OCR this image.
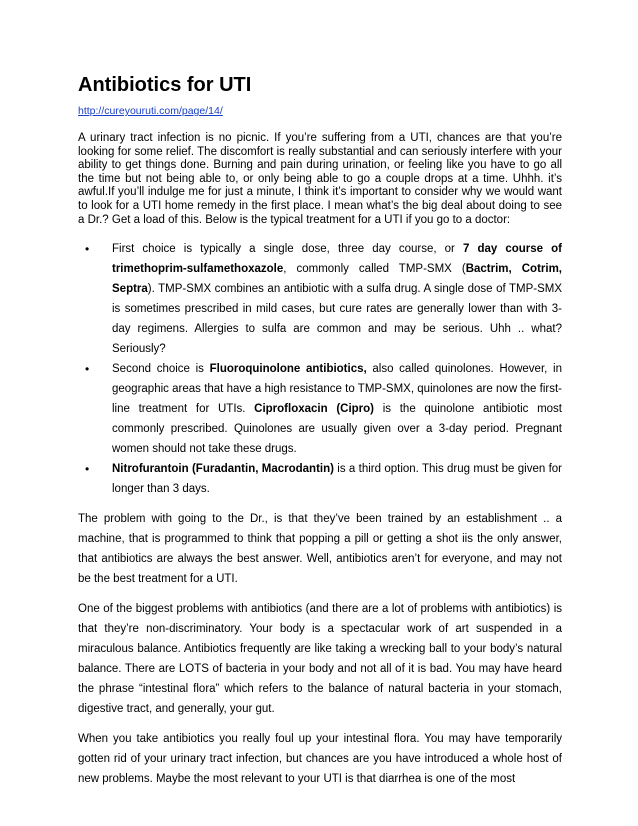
Antibiotics for UTI
http://cureyouruti.com/page/14/

A urinary tract infection is no picnic. If you’re suffering from a UTI, chances are that you’re looking for some relief. The discomfort is really substantial and can seriously interfere with your ability to get things done. Burning and pain during urination, or feeling like you have to go all the time but not being able to, or only being able to go a couple drops at a time. Uhhh. it’s awful.If you’ll indulge me for just a minute, I think it’s important to consider why we would want to look for a UTI home remedy in the first place. I mean what’s the big deal about doing to see a Dr.? Get a load of this. Below is the typical treatment for a UTI if you go to a doctor:

• First choice is typically a single dose, three day course, or 7 day course of trimethoprim-sulfamethoxazole, commonly called TMP-SMX (Bactrim, Cotrim, Septra). TMP-SMX combines an antibiotic with a sulfa drug. A single dose of TMP-SMX is sometimes prescribed in mild cases, but cure rates are generally lower than with 3-day regimens. Allergies to sulfa are common and may be serious. Uhh .. what? Seriously?
• Second choice is Fluoroquinolone antibiotics, also called quinolones. However, in geographic areas that have a high resistance to TMP-SMX, quinolones are now the first-line treatment for UTIs. Ciprofloxacin (Cipro) is the quinolone antibiotic most commonly prescribed. Quinolones are usually given over a 3-day period. Pregnant women should not take these drugs.
• Nitrofurantoin (Furadantin, Macrodantin) is a third option. This drug must be given for longer than 3 days.

The problem with going to the Dr., is that they’ve been trained by an establishment .. a machine, that is programmed to think that popping a pill or getting a shot iis the only answer, that antibiotics are always the best answer. Well, antibiotics aren’t for everyone, and may not be the best treatment for a UTI.

One of the biggest problems with antibiotics (and there are a lot of problems with antibiotics) is that they’re non-discriminatory. Your body is a spectacular work of art suspended in a miraculous balance. Antibiotics frequently are like taking a wrecking ball to your body’s natural balance. There are LOTS of bacteria in your body and not all of it is bad. You may have heard the phrase “intestinal flora” which refers to the balance of natural bacteria in your stomach, digestive tract, and generally, your gut.

When you take antibiotics you really foul up your intestinal flora. You may have temporarily gotten rid of your urinary tract infection, but chances are you have introduced a whole host of new problems. Maybe the most relevant to your UTI is that diarrhea is one of the most
